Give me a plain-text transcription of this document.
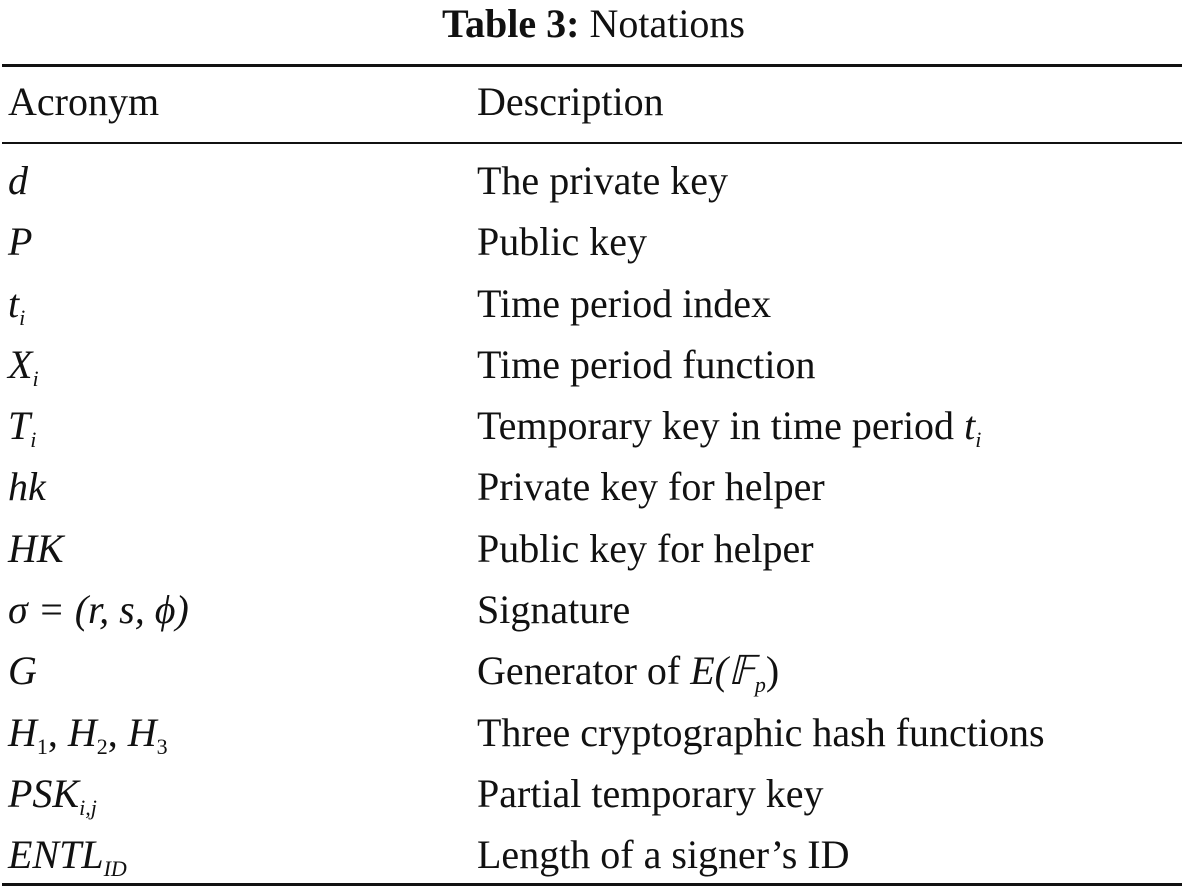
Table 3: Notations
Acronym	Description
d	The private key
P	Public key
$t_i$	Time period index
$X_i$	Time period function
$T_i$	Temporary key in time period $t_i$
hk	Private key for helper
HK	Public key for helper
σ = (r, s, ϕ)	Signature
G	Generator of E(𝔽$_p$)
$H_1$, $H_2$, $H_3$	Three cryptographic hash functions
$PSK_{i,j}$	Partial temporary key
$ENTL_{ID}$	Length of a signer’s ID
